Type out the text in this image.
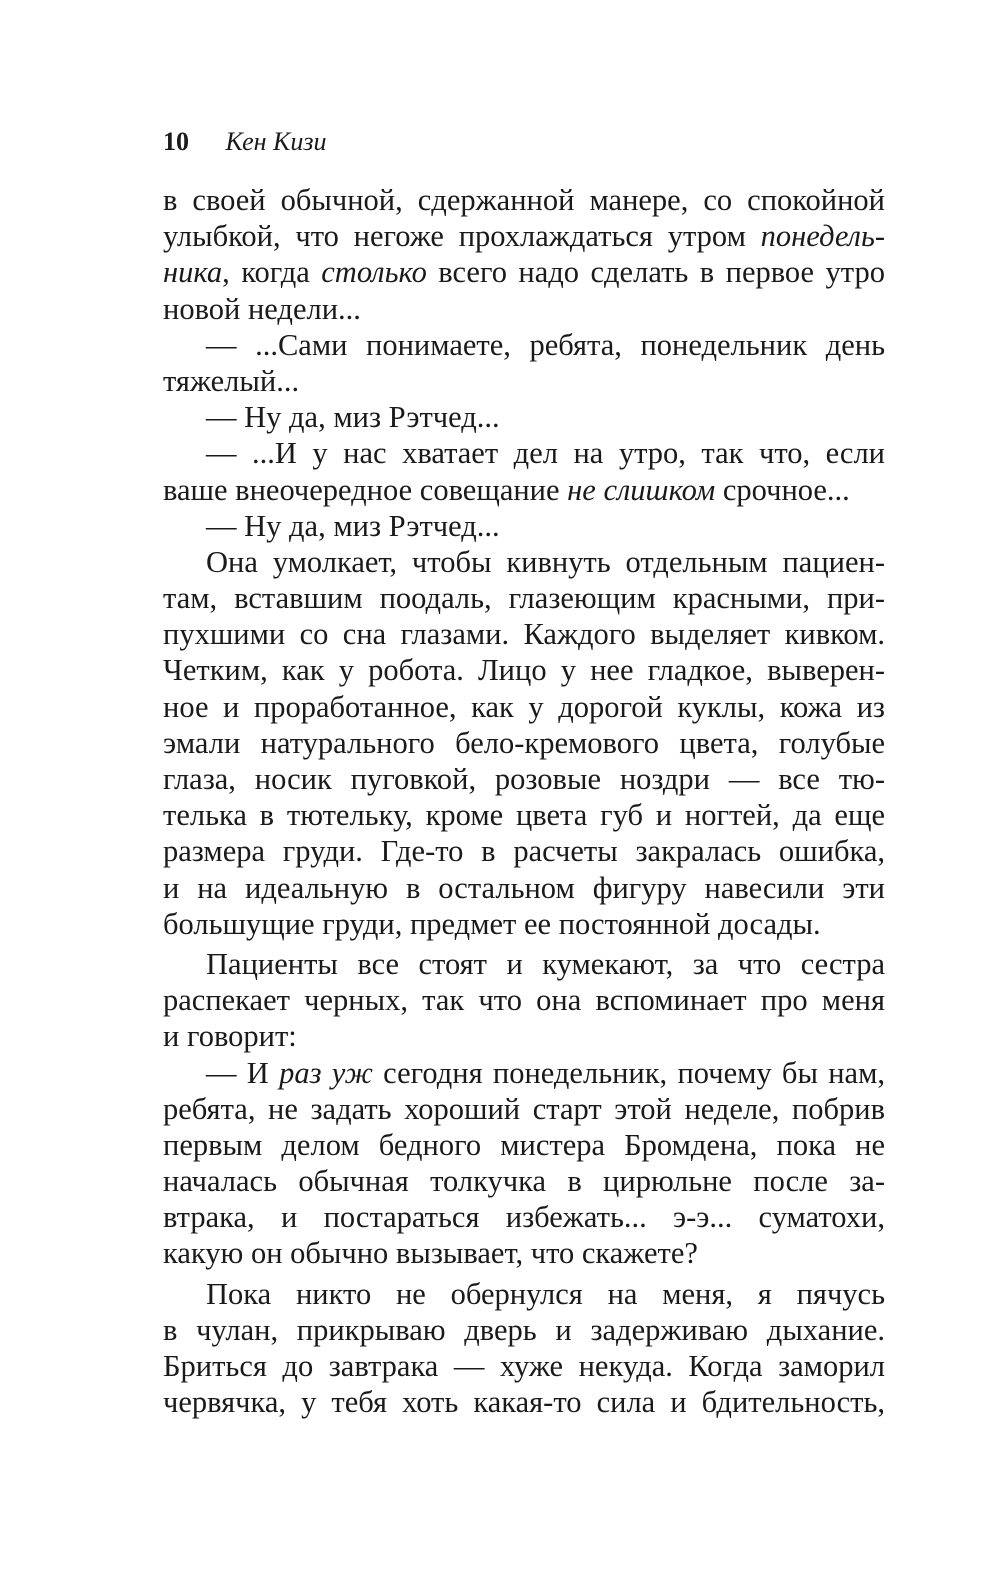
10 Кен Кизи
в своей обычной, сдержанной манере, со спокойной
улыбкой, что негоже прохлаждаться утром понедель-
ника, когда столько всего надо сделать в первое утро
новой недели...
— ...Сами понимаете, ребята, понедельник день
тяжелый...
— Ну да, миз Рэтчед...
— ...И у нас хватает дел на утро, так что, если
ваше внеочередное совещание не слишком срочное...
— Ну да, миз Рэтчед...
Она умолкает, чтобы кивнуть отдельным пациен-
там, вставшим поодаль, глазеющим красными, при-
пухшими со сна глазами. Каждого выделяет кивком.
Четким, как у робота. Лицо у нее гладкое, выверен-
ное и проработанное, как у дорогой куклы, кожа из
эмали натурального бело-кремового цвета, голубые
глаза, носик пуговкой, розовые ноздри — все тю-
телька в тютельку, кроме цвета губ и ногтей, да еще
размера груди. Где-то в расчеты закралась ошибка,
и на идеальную в остальном фигуру навесили эти
большущие груди, предмет ее постоянной досады.
Пациенты все стоят и кумекают, за что сестра
распекает черных, так что она вспоминает про меня
и говорит:
— И раз уж сегодня понедельник, почему бы нам,
ребята, не задать хороший старт этой неделе, побрив
первым делом бедного мистера Бромдена, пока не
началась обычная толкучка в цирюльне после за-
втрака, и постараться избежать... э-э... суматохи,
какую он обычно вызывает, что скажете?
Пока никто не обернулся на меня, я пячусь
в чулан, прикрываю дверь и задерживаю дыхание.
Бриться до завтрака — хуже некуда. Когда заморил
червячка, у тебя хоть какая-то сила и бдительность,
